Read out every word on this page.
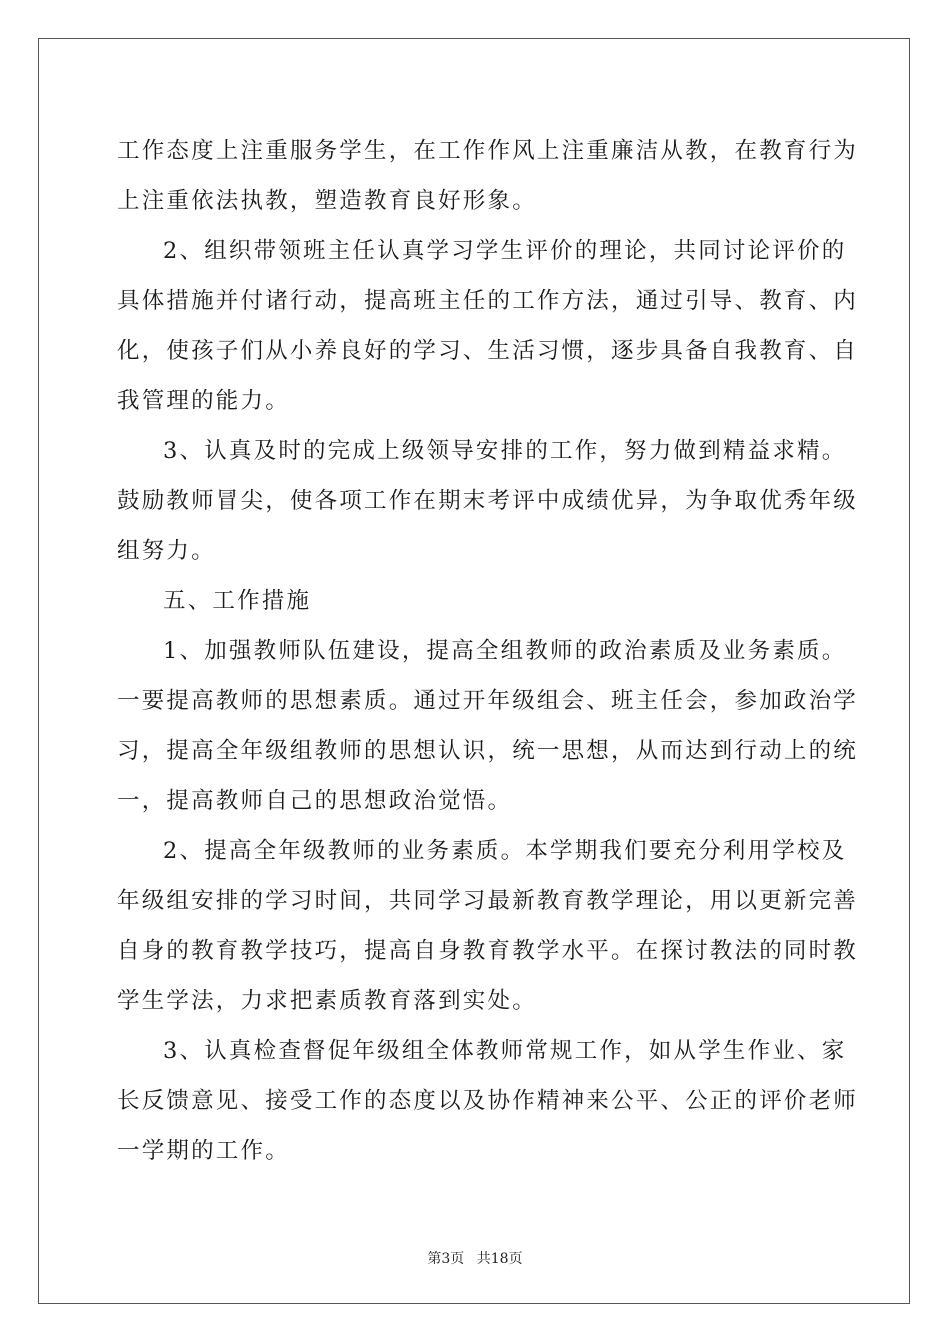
工作态度上注重服务学生，在工作作风上注重廉洁从教，在教育行为
上注重依法执教，塑造教育良好形象。
2、组织带领班主任认真学习学生评价的理论，共同讨论评价的
具体措施并付诸行动，提高班主任的工作方法，通过引导、教育、内
化，使孩子们从小养良好的学习、生活习惯，逐步具备自我教育、自
我管理的能力。
3、认真及时的完成上级领导安排的工作，努力做到精益求精。
鼓励教师冒尖，使各项工作在期末考评中成绩优异，为争取优秀年级
组努力。
五、工作措施
1、加强教师队伍建设，提高全组教师的政治素质及业务素质。
一要提高教师的思想素质。通过开年级组会、班主任会，参加政治学
习，提高全年级组教师的思想认识，统一思想，从而达到行动上的统
一，提高教师自己的思想政治觉悟。
2、提高全年级教师的业务素质。本学期我们要充分利用学校及
年级组安排的学习时间，共同学习最新教育教学理论，用以更新完善
自身的教育教学技巧，提高自身教育教学水平。在探讨教法的同时教
学生学法，力求把素质教育落到实处。
3、认真检查督促年级组全体教师常规工作，如从学生作业、家
长反馈意见、接受工作的态度以及协作精神来公平、公正的评价老师
一学期的工作。
第3页 共18页
